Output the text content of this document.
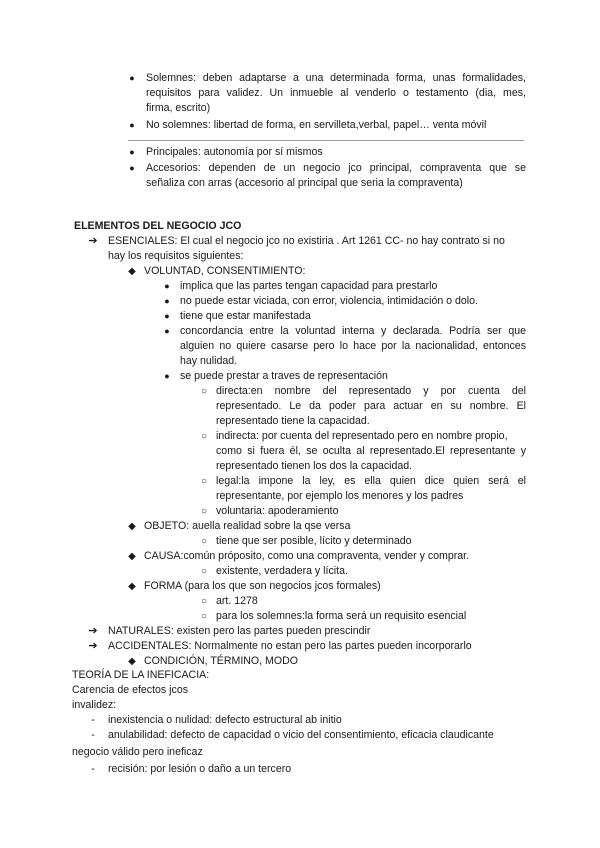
●	Solemnes: deben adaptarse a una determinada forma, unas formalidades,
requisitos para validez. Un inmueble al venderlo o testamento (dia, mes,
firma, escrito)
●	No solemnes: libertad de forma, en servilleta,verbal, papel… venta móvil
●	Principales: autonomía por sí mismos
●	Accesorios: dependen de un negocio jco principal, compraventa que se
señaliza con arras (accesorio al principal que seria la compraventa)
ELEMENTOS DEL NEGOCIO JCO
➔ ESENCIALES: El cual el negocio jco no existiria . Art 1261 CC- no hay contrato si no
hay los requisitos siguientes:
◆ VOLUNTAD, CONSENTIMIENTO:
● implica que las partes tengan capacidad para prestarlo
● no puede estar viciada, con error, violencia, intimidación o dolo.
● tiene que estar manifestada
● concordancia entre la voluntad interna y declarada. Podría ser que
alguien no quiere casarse pero lo hace por la nacionalidad, entonces
hay nulidad.
● se puede prestar a traves de representación
○ directa:en nombre del representado y por cuenta del
representado. Le da poder para actuar en su nombre. El
representado tiene la capacidad.
○ indirecta: por cuenta del representado pero en nombre propio,
como si fuera él, se oculta al representado.El representante y
representado tienen los dos la capacidad.
○ legal:la impone la ley, es ella quien dice quien será el
representante, por ejemplo los menores y los padres
○ voluntaria: apoderamiento
◆ OBJETO: auella realidad sobre la qse versa
○ tiene que ser posible, lícito y determinado
◆ CAUSA:común próposito, como una compraventa, vender y comprar.
○ existente, verdadera y lícita.
◆ FORMA (para los que son negocios jcos formales)
○ art. 1278
○ para los solemnes:la forma será un requisito esencial
➔ NATURALES: existen pero las partes pueden prescindir
➔ ACCIDENTALES: Normalmente no estan pero las partes pueden incorporarlo
◆ CONDICIÓN, TÉRMINO, MODO
TEORÍA DE LA INEFICACIA:
Carencia de efectos jcos
invalidez:
-	inexistencia o nulidad: defecto estructural ab initio
-	anulabilidad: defecto de capacidad o vicio del consentimiento, eficacia claudicante
negocio válido pero ineficaz
-	recisión: por lesión o daño a un tercero
